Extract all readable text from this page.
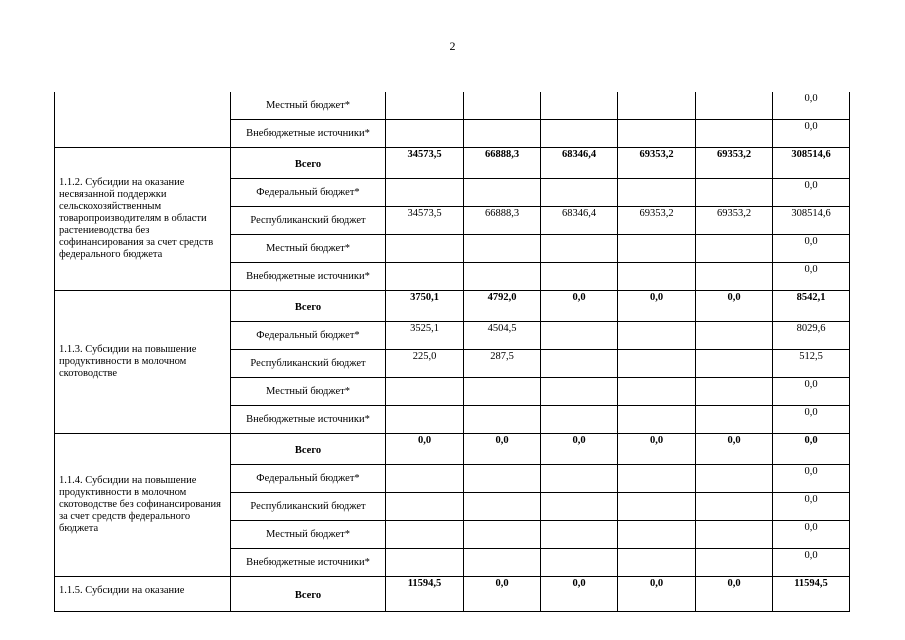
2
	Местный бюджет*						0,0
	Внебюджетные источники*						0,0
1.1.2. Субсидии на оказание несвязанной поддержки сельскохозяйственным товаропроизводителям в области растениеводства без софинансирования за счет средств федерального бюджета	Всего	34573,5	66888,3	68346,4	69353,2	69353,2	308514,6
	Федеральный бюджет*						0,0
	Республиканский бюджет	34573,5	66888,3	68346,4	69353,2	69353,2	308514,6
	Местный бюджет*						0,0
	Внебюджетные источники*						0,0
1.1.3. Субсидии на повышение продуктивности в молочном скотоводстве	Всего	3750,1	4792,0	0,0	0,0	0,0	8542,1
	Федеральный бюджет*	3525,1	4504,5				8029,6
	Республиканский бюджет	225,0	287,5				512,5
	Местный бюджет*						0,0
	Внебюджетные источники*						0,0
1.1.4. Субсидии на повышение продуктивности в молочном скотоводстве без софинансирования за счет средств федерального бюджета	Всего	0,0	0,0	0,0	0,0	0,0	0,0
	Федеральный бюджет*						0,0
	Республиканский бюджет						0,0
	Местный бюджет*						0,0
	Внебюджетные источники*						0,0
1.1.5. Субсидии на оказание	Всего	11594,5	0,0	0,0	0,0	0,0	11594,5
